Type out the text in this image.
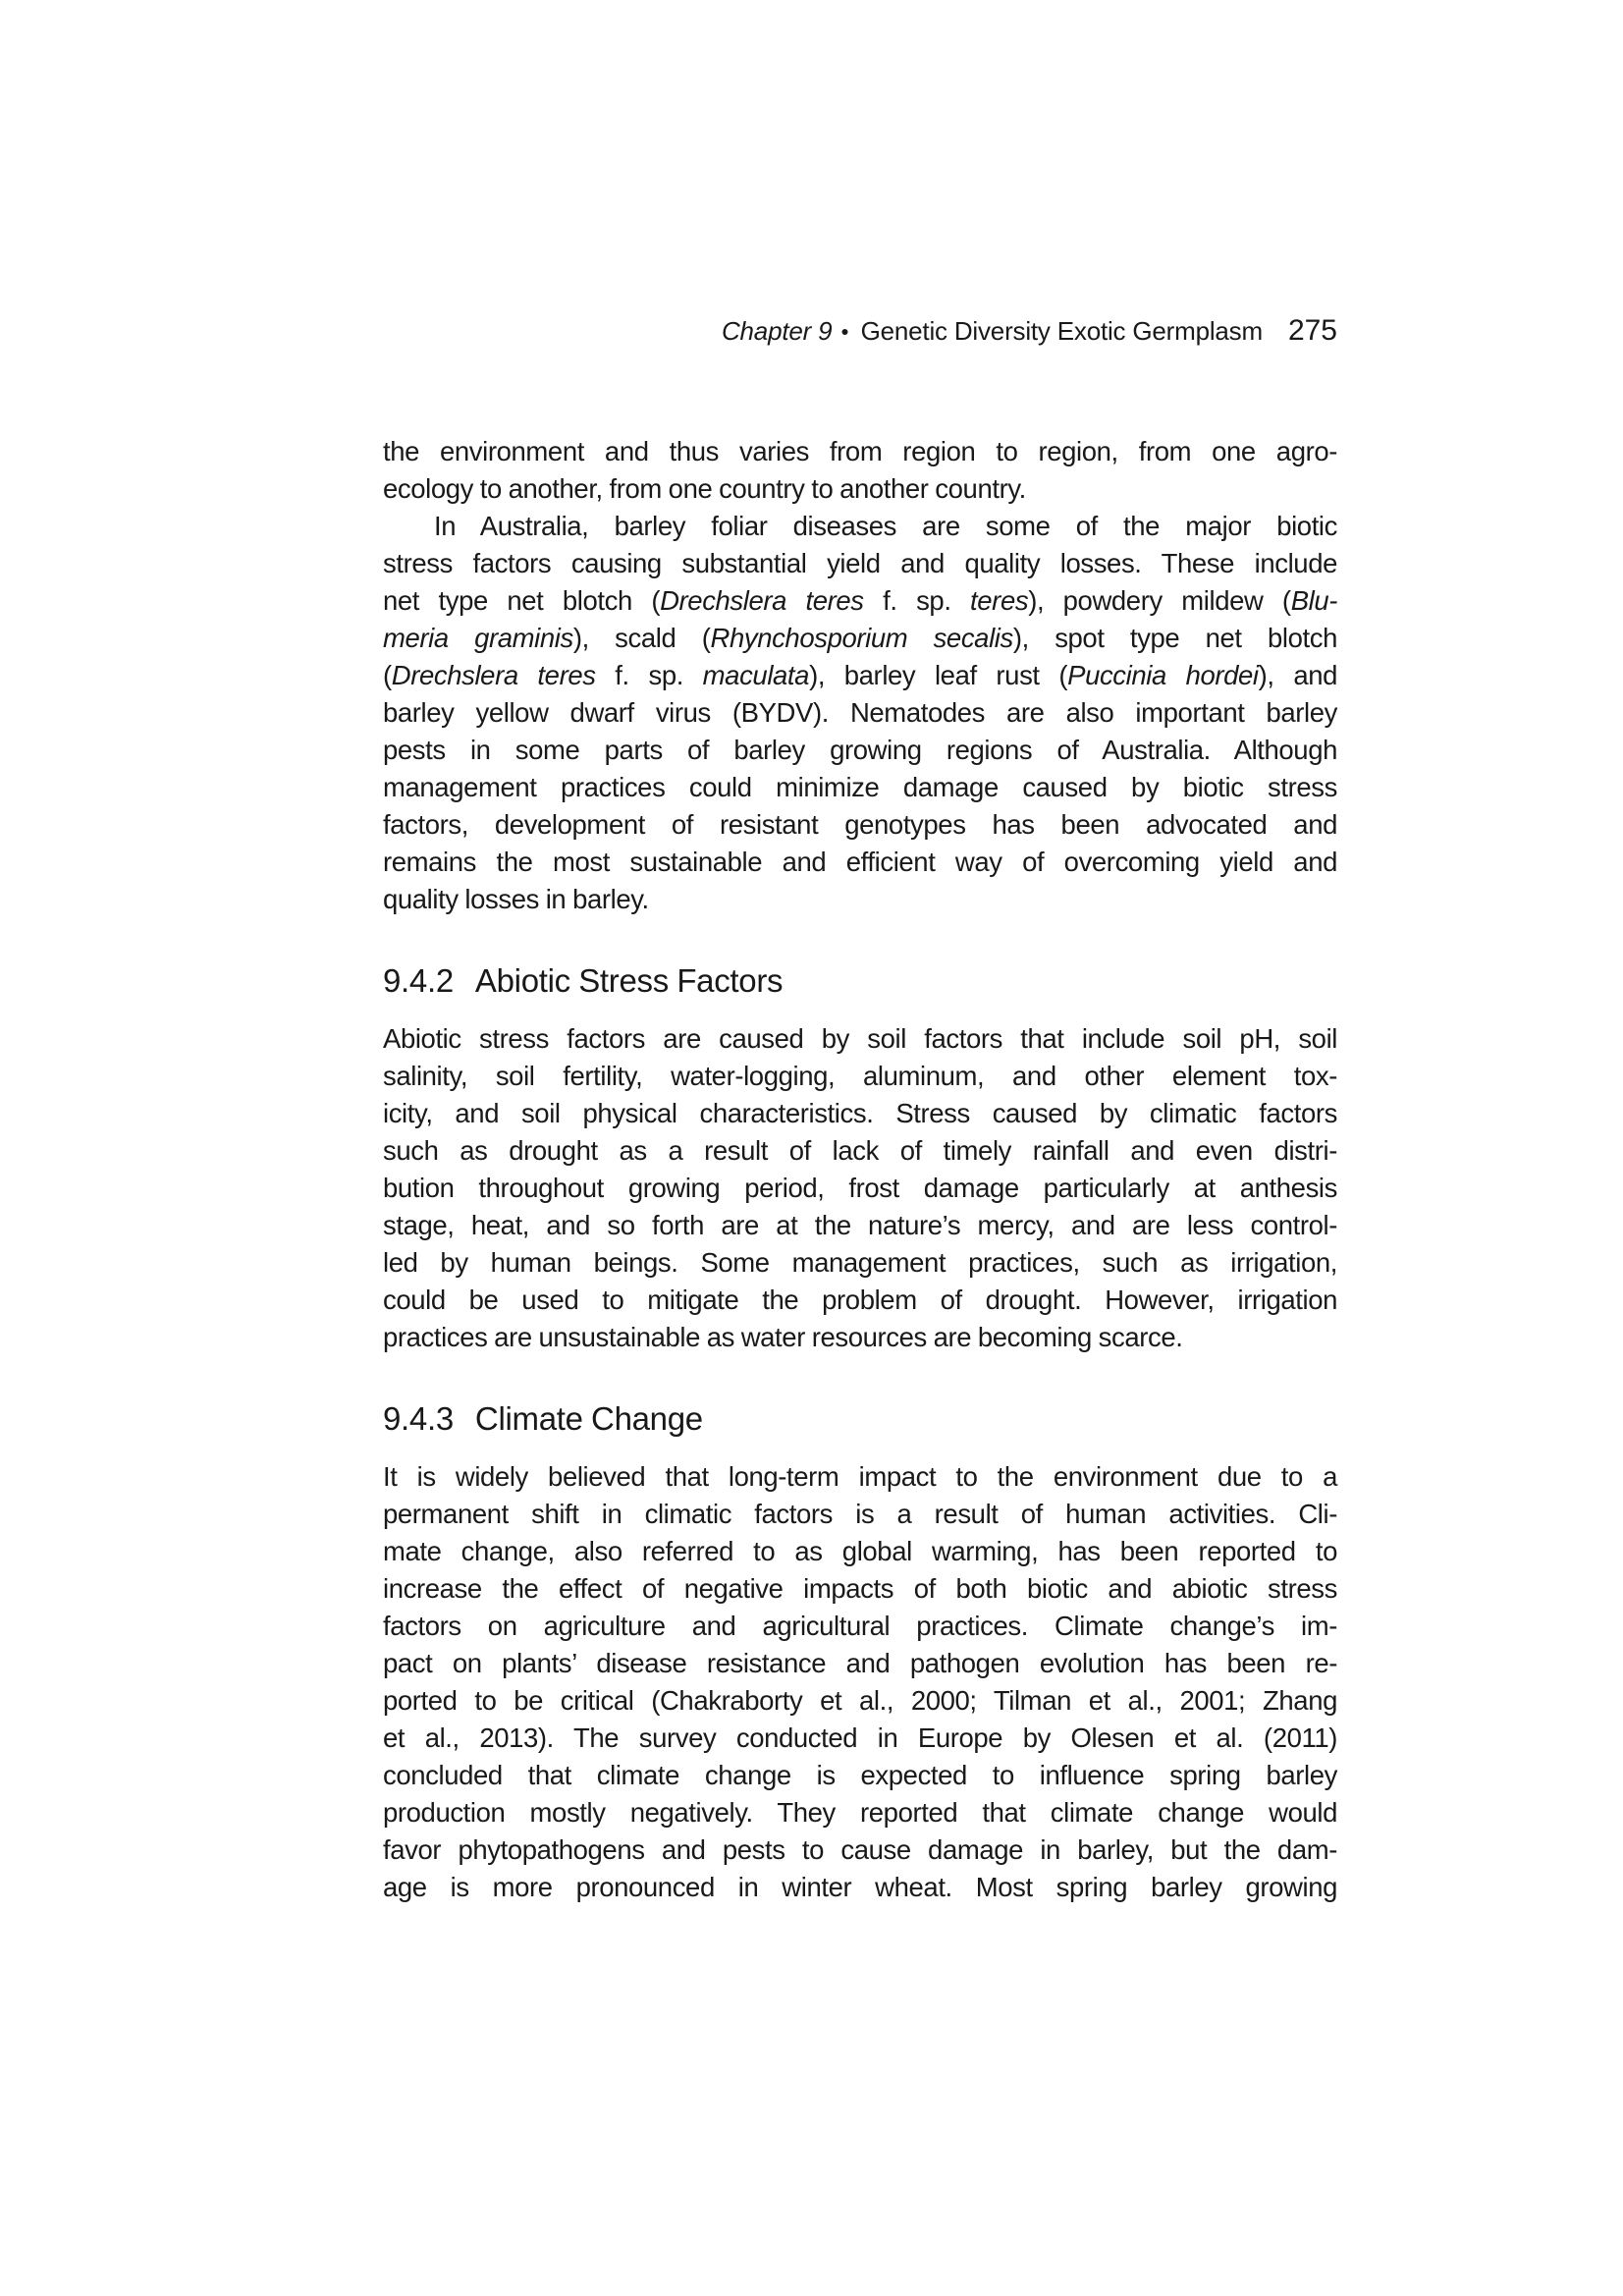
Chapter 9 ● Genetic Diversity Exotic Germplasm 275
the environment and thus varies from region to region, from one agro-
ecology to another, from one country to another country.
In Australia, barley foliar diseases are some of the major biotic
stress factors causing substantial yield and quality losses. These include
net type net blotch (Drechslera teres f. sp. teres), powdery mildew (Blu-
meria graminis), scald (Rhynchosporium secalis), spot type net blotch
(Drechslera teres f. sp. maculata), barley leaf rust (Puccinia hordei), and
barley yellow dwarf virus (BYDV). Nematodes are also important barley
pests in some parts of barley growing regions of Australia. Although
management practices could minimize damage caused by biotic stress
factors, development of resistant genotypes has been advocated and
remains the most sustainable and efficient way of overcoming yield and
quality losses in barley.
9.4.2 Abiotic Stress Factors
Abiotic stress factors are caused by soil factors that include soil pH, soil
salinity, soil fertility, water-logging, aluminum, and other element tox-
icity, and soil physical characteristics. Stress caused by climatic factors
such as drought as a result of lack of timely rainfall and even distri-
bution throughout growing period, frost damage particularly at anthesis
stage, heat, and so forth are at the nature’s mercy, and are less control-
led by human beings. Some management practices, such as irrigation,
could be used to mitigate the problem of drought. However, irrigation
practices are unsustainable as water resources are becoming scarce.
9.4.3 Climate Change
It is widely believed that long-term impact to the environment due to a
permanent shift in climatic factors is a result of human activities. Cli-
mate change, also referred to as global warming, has been reported to
increase the effect of negative impacts of both biotic and abiotic stress
factors on agriculture and agricultural practices. Climate change’s im-
pact on plants’ disease resistance and pathogen evolution has been re-
ported to be critical (Chakraborty et al., 2000; Tilman et al., 2001; Zhang
et al., 2013). The survey conducted in Europe by Olesen et al. (2011)
concluded that climate change is expected to influence spring barley
production mostly negatively. They reported that climate change would
favor phytopathogens and pests to cause damage in barley, but the dam-
age is more pronounced in winter wheat. Most spring barley growing
